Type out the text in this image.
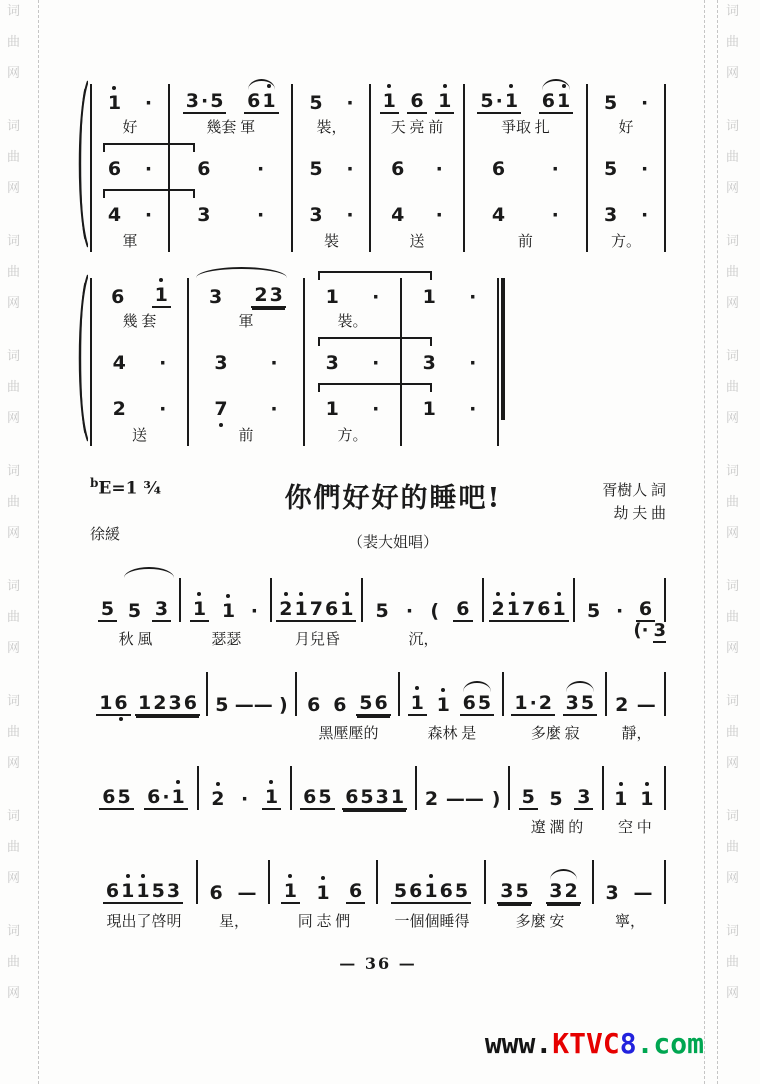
词
曲
网
词
曲
网
词
曲
网
词
曲
网
词
曲
网
词
曲
网
词
曲
网
词
曲
网
词
曲
网
词
曲
网
词
曲
网
词
曲
网
词
曲
网
词
曲
网
词
曲
网
词
曲
网
词
曲
网
词
曲
网
1 ·
好
6 ·
4 ·
軍
3 · 5 6 1
幾套 軍
6 ·
3 ·
5 ·
裝，
5 ·
3 ·
裝
1 6 1
天 亮 前
6 ·
4 ·
送
5 · 1 6 1
爭取 扎
6 ·
4 ·
前
5 ·
好
5 ·
3 ·
方。
6 1
幾 套
4 ·
2 ·
送
3 2 3
軍
3 ·
7 ·
前
1 ·
裝。
3 ·
1 ·
方。
1 ·
3 ·
1 ·
$^b$E=1 ¾
徐緩
你們好好的睡吧!
（裴大姐唱）
胥樹人 詞
劫 夫 曲
(· 3
5 5 3
秋 風
1 1 ·
瑟瑟
2 1 7 6 1
月兒昏
5 · ( 6
沉，
2 1 7 6 1 5 · 6
1 6 1 2 3 6 5 —— ) 6 6 5 6
黑壓壓的
1 1 6 5
森林 是
1 · 2 3 5
多麼 寂
2 —
靜，
6 5 6 · 1 2 · 1 6 5 6 5 3 1 2 —— ) 5 5 3
遼 濶 的
1 1
空 中
6 1 1 5 3
現出了啓明
6 —
星，
1 1 6
同 志 們
5 6 1 6 5
一個個睡得
3 5 3 2
多麼 安
3 —
寧，
— 36 —
www.KTVC8.com
